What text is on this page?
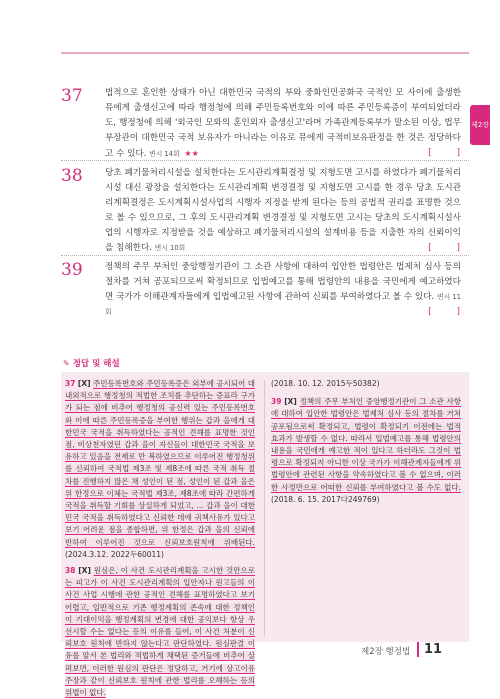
제2장
37	법적으로 혼인한 상태가 아닌 대한민국 국적의 부와 중화인민공화국 국적인 모 사이에 출생한 뮤에게 출생신고에 따라 행정청에 의해 주민등록번호와 이에 따른 주민등록증이 부여되었더라도, 행정청에 의해 '외국인 모와의 혼인외자 출생신고'라며 가족관계등록부가 말소된 이상, 법무부장관이 대한민국 국적 보유자가 아니라는 이유로 뮤에게 국적비보유판정을 한 것은 정당하다고 수 있다. 변시 14회 ★★	[ ]
38	당초 폐기물처리시설을 설치한다는 도시관리계획결정 및 지형도면 고시를 하였다가 폐기물처리시설 대신 광장을 설치한다는 도시관리계획 변경결정 및 지형도면 고시를 한 경우 당초 도시관리계획결정은 도시계획시설사업의 시행자 지정을 받게 된다는 등의 공법적 권리를 표명한 것으로 볼 수 있으므로, 그 후의 도시관리계획 변경결정 및 지형도면 고시는 당초의 도시계획시설사업의 시행자로 지정받을 것을 예상하고 폐기물처리시설의 설계비용 등을 지출한 자의 신뢰이익을 침해한다. 변시 10회	[ ]
39	정책의 주무 부처인 중앙행정기관이 그 소관 사항에 대하여 입안한 법령안은 법제처 심사 등의 절차를 거쳐 공포되므로써 확정되므로 입법예고를 통해 법령안의 내용을 국민에게 예고하였다면 국가가 이해관계자들에게 입법예고된 사항에 관하여 신뢰를 부여하였다고 볼 수 있다. 변시 11회	[ ]
✎ 정답 및 해설
37 [X] 주민등록번호와 주민등록증은 외부에 공시되어 대내외적으로 행정청의 적법한 조치를 추단하는 증표라 구가가 되는 점에 비추어 행정청의 공신력 있는 주민등록번호와 이에 따른 주민등록증을 부여한 행위는 갑과 을에게 대한민국 국적을 취득하였다는 공적인 견해를 표명한 것인 점, 비상천자였던 갑과 을이 자신들이 대한민국 국적을 보유하고 있음을 전제로 만 복하였으므로 이루어진 행정청위를 신뢰하여 국적법 제3조 및 제8조에 따른 국적 취득 절차를 진행하지 않은 채 성인이 된 점, 성인이 된 갑과 을은 위 한정으로 이체는 국적법 제3조, 제8조에 따라 간편하게 국적을 취득할 기회를 상실하게 되었고, ... 갑과 을이 대한민국 국적을 취득하였다고 신뢰한 데에 귀책사유가 있다고 보기 어려운 점을 종합하면, 위 한정은 갑과 을의 신뢰에 반하여 이루어진 것으로 신뢰보호원칙에 위배된다. (2024.3.12. 2022두60011)
38 [X] 원심은, 이 사건 도시관리계획을 고시한 것만으로는 피고가 이 사건 도시관리계획의 입안자나 원고들의 이 사건 사업 시행에 관한 공적인 견해를 표명하였다고 보기 어렵고, 일반적으로 기존 행정계획의 존속에 대한 정책인이 기대이익을 행정계획의 변경에 대한 공익보다 항상 우선시할 수는 없다는 등의 이유를 들어, 이 사건 처분이 신뢰보호 원칙에 반하지 않는다고 판단하였다. 원심판결 이유를 앞서 본 법리와 적법하게 채택된 증거들에 비추어 살펴보면, 이러한 원심의 판단은 정당하고, 거기에 상고이유 주장과 같이 신뢰보호 원칙에 관한 법리를 오해하는 등의 위법이 없다.
(2018. 10. 12. 2015두50382)
39 [X] 정책의 주무 부처인 중앙행정기관이 그 소관 사항에 대하여 입안한 법령안은 법제처 심사 등의 절차를 거쳐 공포됨으로써 확정되고, 법령이 확정되기 이전에는 법적 효과가 발생할 수 없다. 따라서 입법예고를 통해 법령안의 내용을 국민에게 예고한 적이 있다고 하더라도 그것이 법령으로 확정되지 아니한 이상 국가가 이해관계자들에게 위 법령안에 관련된 사항을 약속하였다고 볼 수 없으며, 이러한 사정만으로 어떠한 신뢰를 부여하였다고 볼 수도 없다. (2018. 6. 15. 2017다249769)
제2장 행정법 11
